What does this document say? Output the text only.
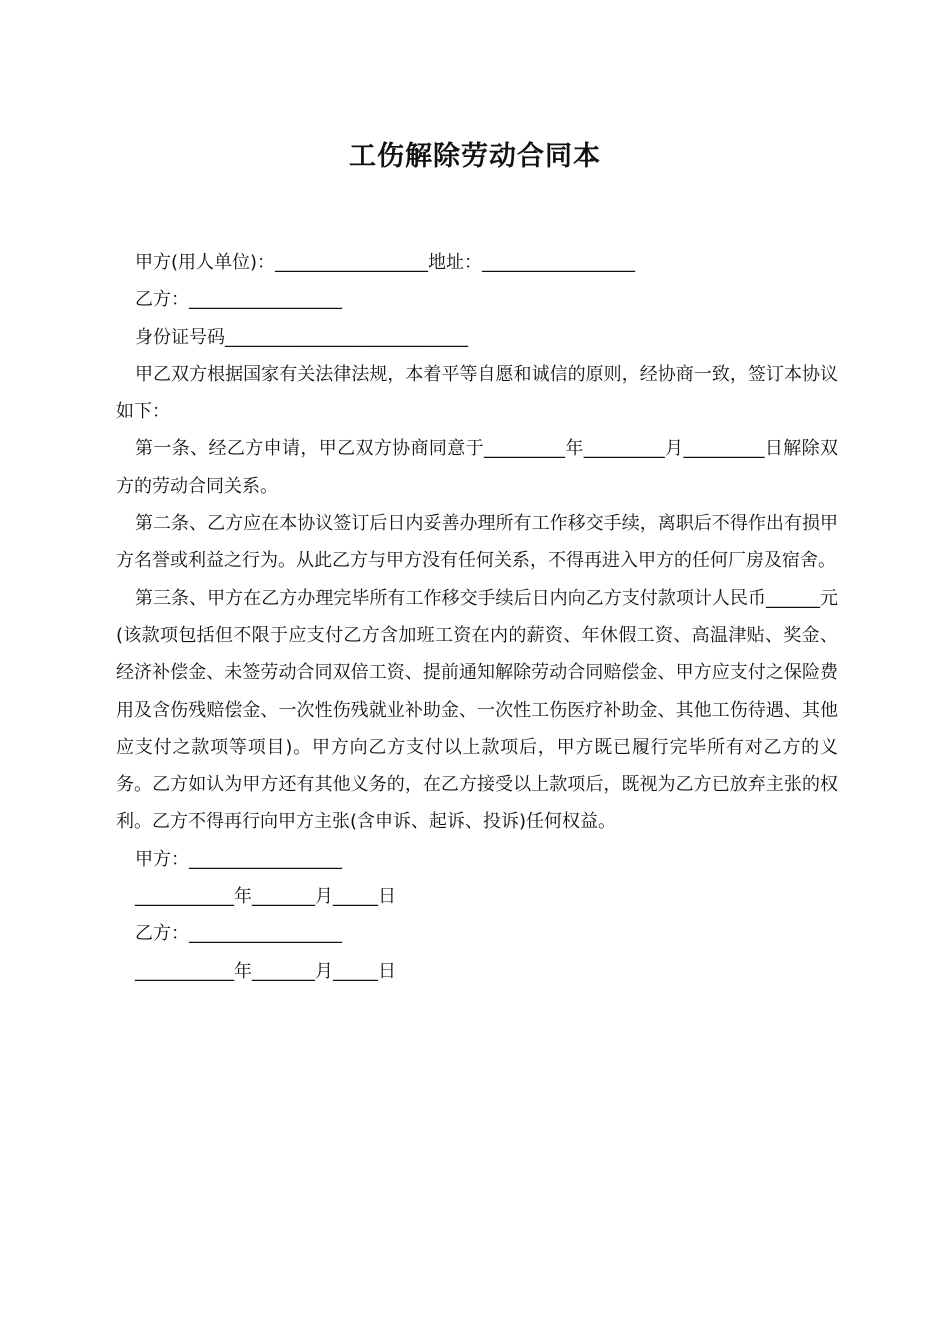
工伤解除劳动合同本

甲方(用人单位)：_________________地址：_________________

乙方：_________________

身份证号码___________________________

甲乙双方根据国家有关法律法规，本着平等自愿和诚信的原则，经协商一致，签订本协议如下：

第一条、经乙方申请，甲乙双方协商同意于_________年_________月_________日解除双方的劳动合同关系。

第二条、乙方应在本协议签订后日内妥善办理所有工作移交手续，离职后不得作出有损甲方名誉或利益之行为。从此乙方与甲方没有任何关系，不得再进入甲方的任何厂房及宿舍。

第三条、甲方在乙方办理完毕所有工作移交手续后日内向乙方支付款项计人民币______元(该款项包括但不限于应支付乙方含加班工资在内的薪资、年休假工资、高温津贴、奖金、经济补偿金、未签劳动合同双倍工资、提前通知解除劳动合同赔偿金、甲方应支付之保险费用及含伤残赔偿金、一次性伤残就业补助金、一次性工伤医疗补助金、其他工伤待遇、其他应支付之款项等项目)。甲方向乙方支付以上款项后，甲方既已履行完毕所有对乙方的义务。乙方如认为甲方还有其他义务的，在乙方接受以上款项后，既视为乙方已放弃主张的权利。乙方不得再行向甲方主张(含申诉、起诉、投诉)任何权益。

甲方：_________________

___________年_______月_____日

乙方：_________________

___________年_______月_____日
